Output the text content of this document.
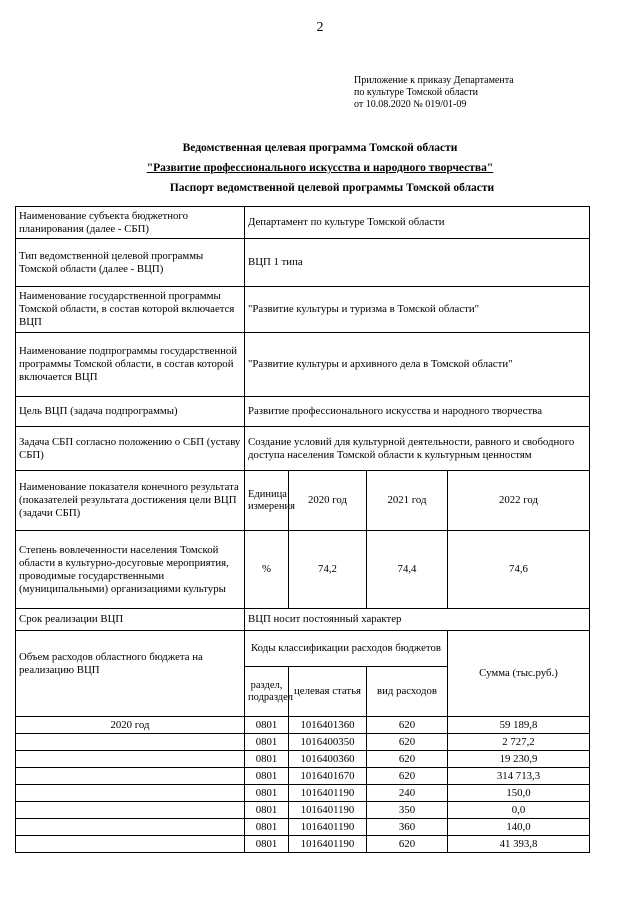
2
Приложение к приказу Департамента
по культуре Томской области
от 10.08.2020 № 019/01-09
Ведомственная целевая программа Томской области
"Развитие профессионального искусства и народного творчества"
Паспорт ведомственной целевой программы Томской области
Наименование субъекта бюджетного планирования (далее - СБП)	Департамент по культуре Томской области			
Тип ведомственной целевой программы Томской области (далее - ВЦП)	ВЦП 1 типа			
Наименование государственной программы Томской области, в состав которой включается ВЦП	"Развитие культуры и туризма в Томской области"			
Наименование подпрограммы государственной программы Томской области, в состав которой включается ВЦП	"Развитие культуры и архивного дела в Томской области"			
Цель ВЦП (задача подпрограммы)	Развитие профессионального искусства и народного творчества			
Задача СБП согласно положению о СБП (уставу СБП)	Создание условий для культурной деятельности, равного и свободного доступа населения Томской области к культурным ценностям			
Наименование показателя конечного результата (показателей результата достижения цели ВЦП (задачи СБП)	Единица измерения	2020 год	2021 год	2022 год
Степень вовлеченности населения Томской области в культурно-досуговые мероприятия, проводимые государственными (муниципальными) организациями культуры	%	74,2	74,4	74,6
Срок реализации ВЦП	ВЦП носит постоянный характер			
Объем расходов областного бюджета на реализацию ВЦП	Коды классификации расходов бюджетов			Сумма (тыс.руб.)
	раздел, подраздел	целевая статья	вид расходов	
2020 год	0801	1016401360	620	59 189,8
	0801	1016400350	620	2 727,2
	0801	1016400360	620	19 230,9
	0801	1016401670	620	314 713,3
	0801	1016401190	240	150,0
	0801	1016401190	350	0,0
	0801	1016401190	360	140,0
	0801	1016401190	620	41 393,8
